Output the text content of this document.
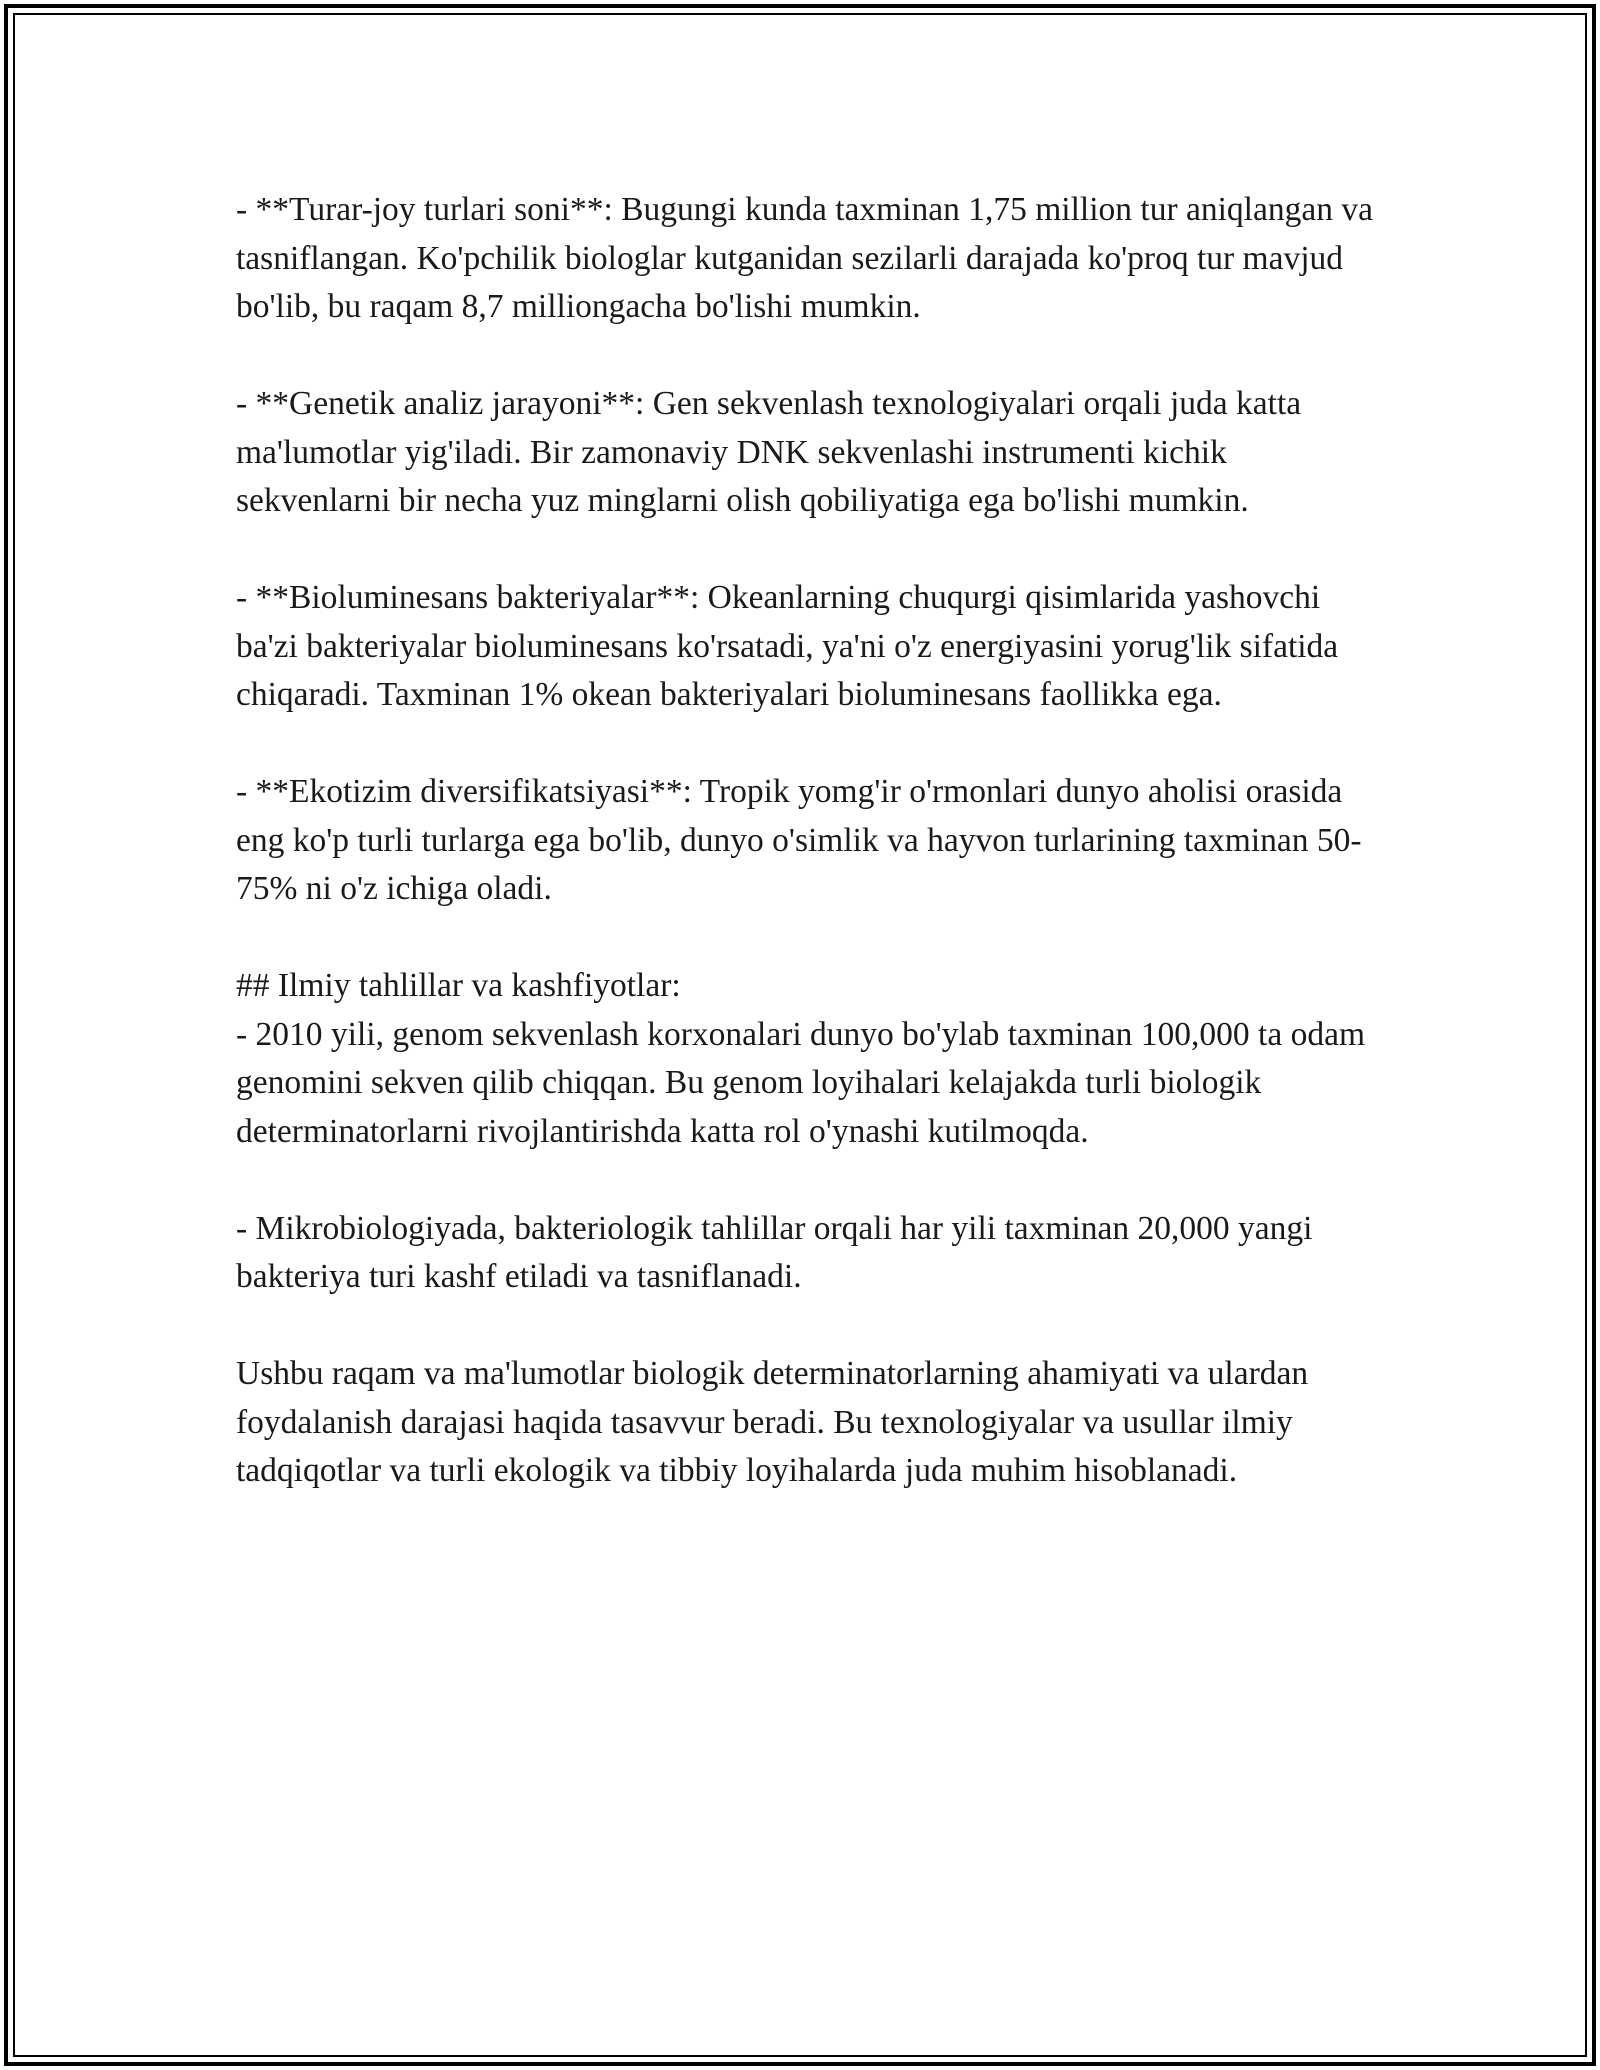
- **Turar-joy turlari soni**: Bugungi kunda taxminan 1,75 million tur aniqlangan va tasniflangan. Ko'pchilik biologlar kutganidan sezilarli darajada ko'proq tur mavjud bo'lib, bu raqam 8,7 milliongacha bo'lishi mumkin.

- **Genetik analiz jarayoni**: Gen sekvenlash texnologiyalari orqali juda katta ma'lumotlar yig'iladi. Bir zamonaviy DNK sekvenlashi instrumenti kichik sekvenlarni bir necha yuz minglarni olish qobiliyatiga ega bo'lishi mumkin.

- **Bioluminesans bakteriyalar**: Okeanlarning chuqurgi qisimlarida yashovchi ba'zi bakteriyalar bioluminesans ko'rsatadi, ya'ni o'z energiyasini yorug'lik sifatida chiqaradi. Taxminan 1% okean bakteriyalari bioluminesans faollikka ega.

- **Ekotizim diversifikatsiyasi**: Tropik yomg'ir o'rmonlari dunyo aholisi orasida eng ko'p turli turlarga ega bo'lib, dunyo o'simlik va hayvon turlarining taxminan 50-75% ni o'z ichiga oladi.

## Ilmiy tahlillar va kashfiyotlar:

- 2010 yili, genom sekvenlash korxonalari dunyo bo'ylab taxminan 100,000 ta odam genomini sekven qilib chiqqan. Bu genom loyihalari kelajakda turli biologik determinatorlarni rivojlantirishda katta rol o'ynashi kutilmoqda.

- Mikrobiologiyada, bakteriologik tahlillar orqali har yili taxminan 20,000 yangi bakteriya turi kashf etiladi va tasniflanadi.

Ushbu raqam va ma'lumotlar biologik determinatorlarning ahamiyati va ulardan foydalanish darajasi haqida tasavvur beradi. Bu texnologiyalar va usullar ilmiy tadqiqotlar va turli ekologik va tibbiy loyihalarda juda muhim hisoblanadi.
